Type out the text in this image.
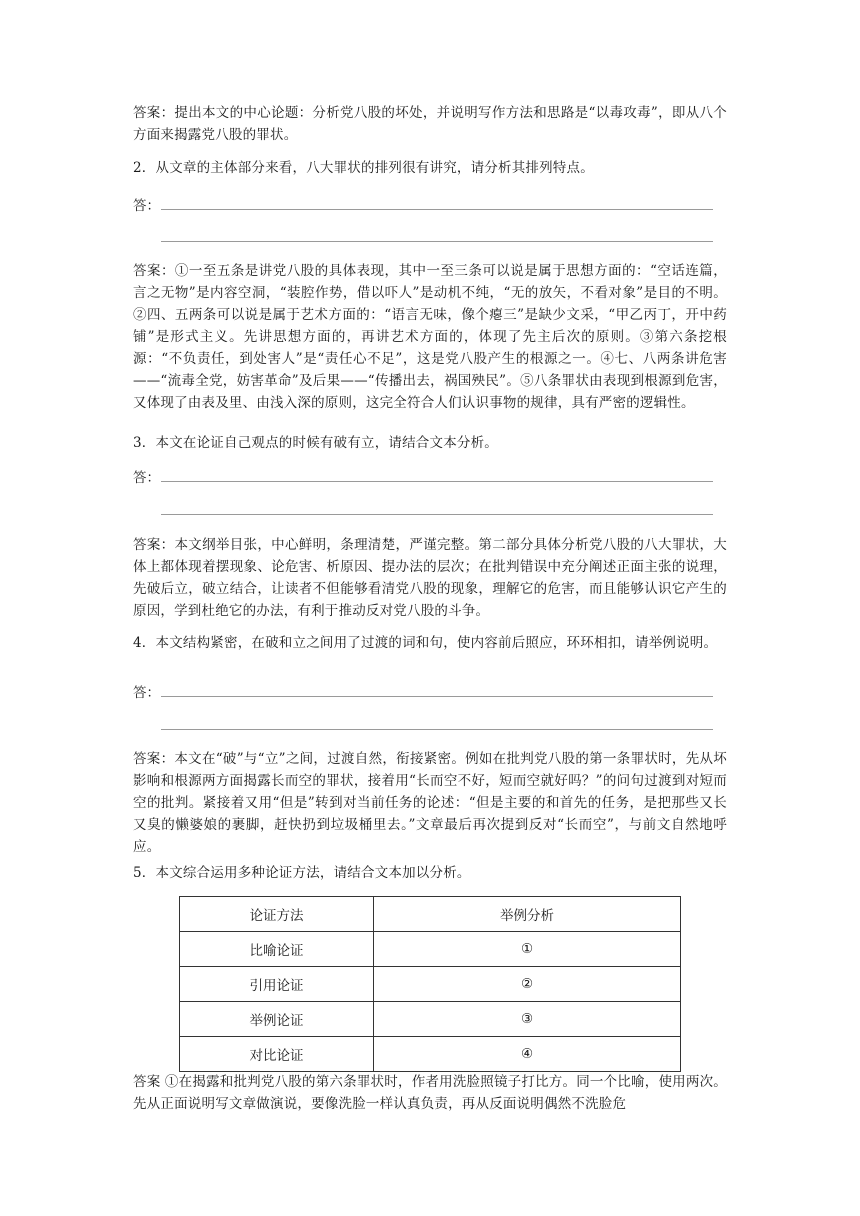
答案：提出本文的中心论题：分析党八股的坏处，并说明写作方法和思路是“以毒攻毒”，即从八个方面来揭露党八股的罪状。
2．从文章的主体部分来看，八大罪状的排列很有讲究，请分析其排列特点。
答：
答案：①一至五条是讲党八股的具体表现，其中一至三条可以说是属于思想方面的：“空话连篇，言之无物”是内容空洞，“装腔作势，借以吓人”是动机不纯，“无的放矢，不看对象”是目的不明。②四、五两条可以说是属于艺术方面的：“语言无味，像个瘪三”是缺少文采，“甲乙丙丁，开中药铺”是形式主义。先讲思想方面的，再讲艺术方面的，体现了先主后次的原则。③第六条挖根源：“不负责任，到处害人”是“责任心不足”，这是党八股产生的根源之一。④七、八两条讲危害——“流毒全党，妨害革命”及后果——“传播出去，祸国殃民”。⑤八条罪状由表现到根源到危害，又体现了由表及里、由浅入深的原则，这完全符合人们认识事物的规律，具有严密的逻辑性。
3．本文在论证自己观点的时候有破有立，请结合文本分析。
答：
答案：本文纲举目张，中心鲜明，条理清楚，严谨完整。第二部分具体分析党八股的八大罪状，大体上都体现着摆现象、论危害、析原因、提办法的层次；在批判错误中充分阐述正面主张的说理，先破后立，破立结合，让读者不但能够看清党八股的现象，理解它的危害，而且能够认识它产生的原因，学到杜绝它的办法，有利于推动反对党八股的斗争。
4．本文结构紧密，在破和立之间用了过渡的词和句，使内容前后照应，环环相扣，请举例说明。
答：
答案：本文在“破”与“立”之间，过渡自然，衔接紧密。例如在批判党八股的第一条罪状时，先从坏影响和根源两方面揭露长而空的罪状，接着用“长而空不好，短而空就好吗？”的问句过渡到对短而空的批判。紧接着又用“但是”转到对当前任务的论述：“但是主要的和首先的任务，是把那些又长又臭的懒婆娘的裹脚，赶快扔到垃圾桶里去。”文章最后再次提到反对“长而空”，与前文自然地呼应。
5．本文综合运用多种论证方法，请结合文本加以分析。
论证方法	举例分析
比喻论证	①
引用论证	②
举例论证	③
对比论证	④
答案 ①在揭露和批判党八股的第六条罪状时，作者用洗脸照镜子打比方。同一个比喻，使用两次。先从正面说明写文章做演说，要像洗脸一样认真负责，再从反面说明偶然不洗脸危
